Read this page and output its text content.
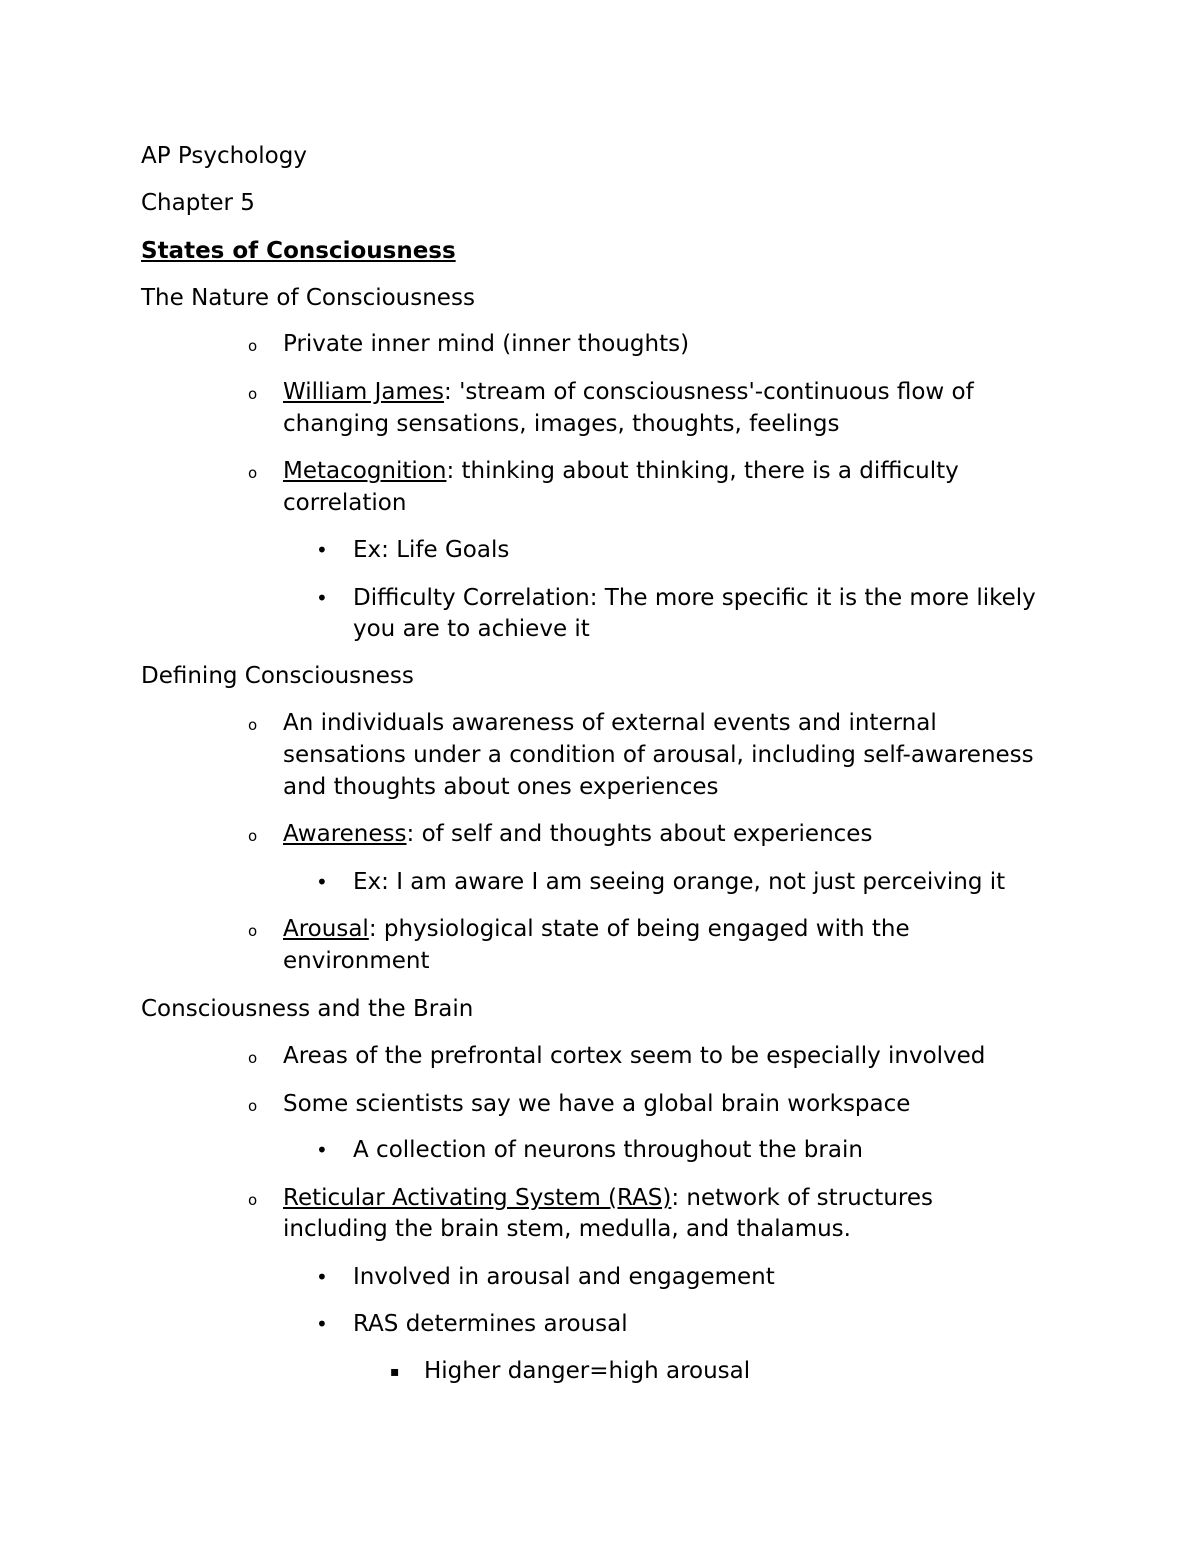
AP Psychology
Chapter 5
States of Consciousness
The Nature of Consciousness
o Private inner mind (inner thoughts)
o William James: 'stream of consciousness'-continuous flow of
changing sensations, images, thoughts, feelings
o Metacognition: thinking about thinking, there is a difficulty
correlation
• Ex: Life Goals
• Difficulty Correlation: The more specific it is the more likely
you are to achieve it
Defining Consciousness
o An individuals awareness of external events and internal
sensations under a condition of arousal, including self-awareness
and thoughts about ones experiences
o Awareness: of self and thoughts about experiences
• Ex: I am aware I am seeing orange, not just perceiving it
o Arousal: physiological state of being engaged with the
environment
Consciousness and the Brain
o Areas of the prefrontal cortex seem to be especially involved
o Some scientists say we have a global brain workspace
• A collection of neurons throughout the brain
o Reticular Activating System (RAS): network of structures
including the brain stem, medulla, and thalamus.
• Involved in arousal and engagement
• RAS determines arousal
▪ Higher danger=high arousal
